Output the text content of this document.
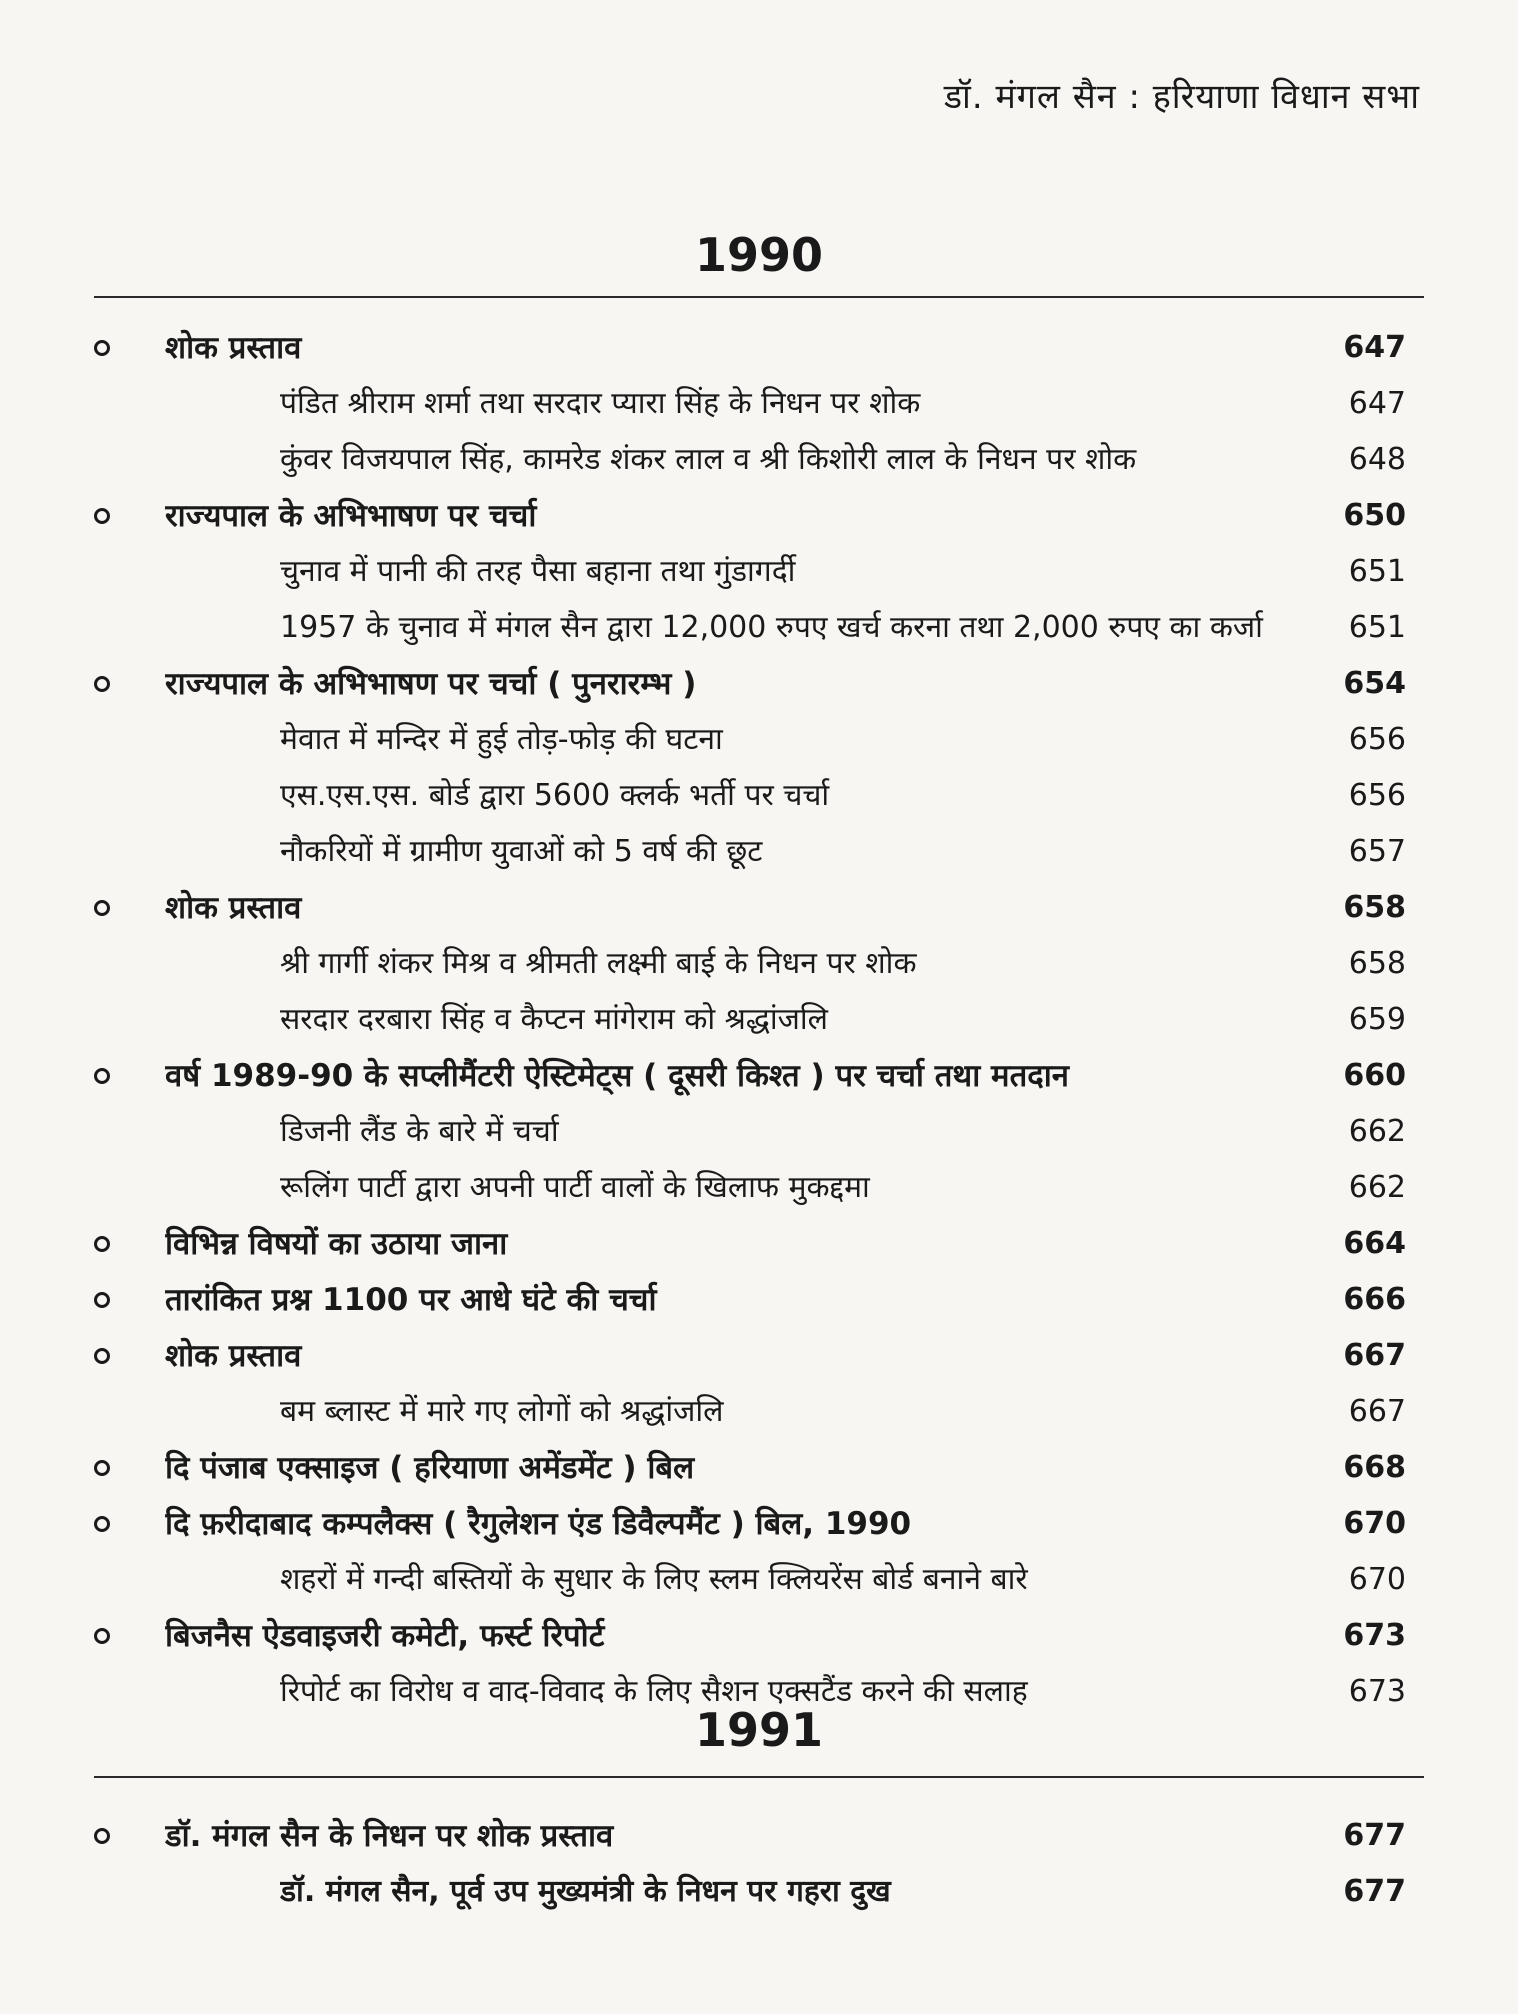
डॉ. मंगल सैन : हरियाणा विधान सभा
1990
शोक प्रस्ताव	647
पंडित श्रीराम शर्मा तथा सरदार प्यारा सिंह के निधन पर शोक	647
कुंवर विजयपाल सिंह, कामरेड शंकर लाल व श्री किशोरी लाल के निधन पर शोक	648
राज्यपाल के अभिभाषण पर चर्चा	650
चुनाव में पानी की तरह पैसा बहाना तथा गुंडागर्दी	651
1957 के चुनाव में मंगल सैन द्वारा 12,000 रुपए खर्च करना तथा 2,000 रुपए का कर्जा	651
राज्यपाल के अभिभाषण पर चर्चा ( पुनरारम्भ )	654
मेवात में मन्दिर में हुई तोड़-फोड़ की घटना	656
एस.एस.एस. बोर्ड द्वारा 5600 क्लर्क भर्ती पर चर्चा	656
नौकरियों में ग्रामीण युवाओं को 5 वर्ष की छूट	657
शोक प्रस्ताव	658
श्री गार्गी शंकर मिश्र व श्रीमती लक्ष्मी बाई के निधन पर शोक	658
सरदार दरबारा सिंह व कैप्टन मांगेराम को श्रद्धांजलि	659
वर्ष 1989-90 के सप्लीमैंटरी ऐस्टिमेट्स ( दूसरी किश्त ) पर चर्चा तथा मतदान	660
डिजनी लैंड के बारे में चर्चा	662
रूलिंग पार्टी द्वारा अपनी पार्टी वालों के खिलाफ मुकद्दमा	662
विभिन्न विषयों का उठाया जाना	664
तारांकित प्रश्न 1100 पर आधे घंटे की चर्चा	666
शोक प्रस्ताव	667
बम ब्लास्ट में मारे गए लोगों को श्रद्धांजलि	667
दि पंजाब एक्साइज ( हरियाणा अमेंडमेंट ) बिल	668
दि फ़रीदाबाद कम्पलैक्स ( रैगुलेशन एंड डिवैल्पमैंट ) बिल, 1990	670
शहरों में गन्दी बस्तियों के सुधार के लिए स्लम क्लियरेंस बोर्ड बनाने बारे	670
बिजनैस ऐडवाइजरी कमेटी, फर्स्ट रिपोर्ट	673
रिपोर्ट का विरोध व वाद-विवाद के लिए सैशन एक्सटैंड करने की सलाह	673
1991
डॉ. मंगल सैन के निधन पर शोक प्रस्ताव	677
डॉ. मंगल सैन, पूर्व उप मुख्यमंत्री के निधन पर गहरा दुख	677
